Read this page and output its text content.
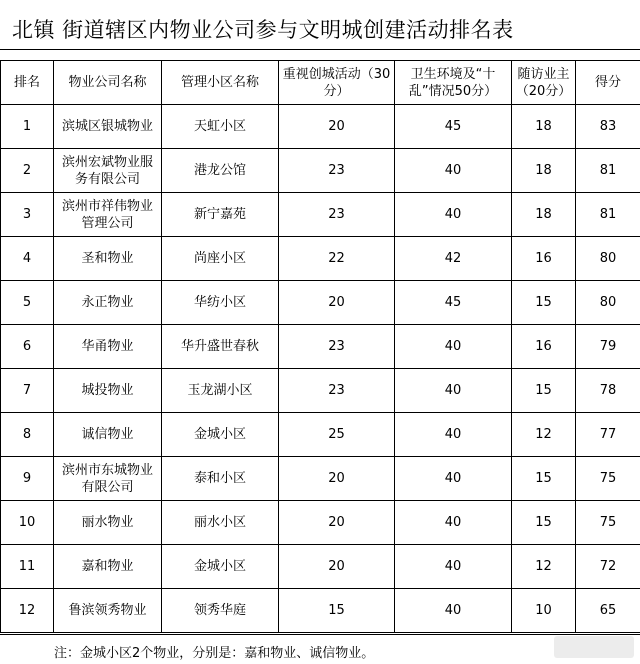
北镇 街道辖区内物业公司参与文明城创建活动排名表
排名	物业公司名称	管理小区名称	重视创城活动（30分）	卫生环境及“十乱”情况50分）	随访业主（20分）	得分
1	滨城区银城物业	天虹小区	20	45	18	83
2	滨州宏斌物业服务有限公司	港龙公馆	23	40	18	81
3	滨州市祥伟物业管理公司	新宁嘉苑	23	40	18	81
4	圣和物业	尚座小区	22	42	16	80
5	永正物业	华纺小区	20	45	15	80
6	华甬物业	华升盛世春秋	23	40	16	79
7	城投物业	玉龙湖小区	23	40	15	78
8	诚信物业	金城小区	25	40	12	77
9	滨州市东城物业有限公司	泰和小区	20	40	15	75
10	丽水物业	丽水小区	20	40	15	75
11	嘉和物业	金城小区	20	40	12	72
12	鲁滨领秀物业	领秀华庭	15	40	10	65
注：金城小区2个物业，分别是：嘉和物业、诚信物业。
